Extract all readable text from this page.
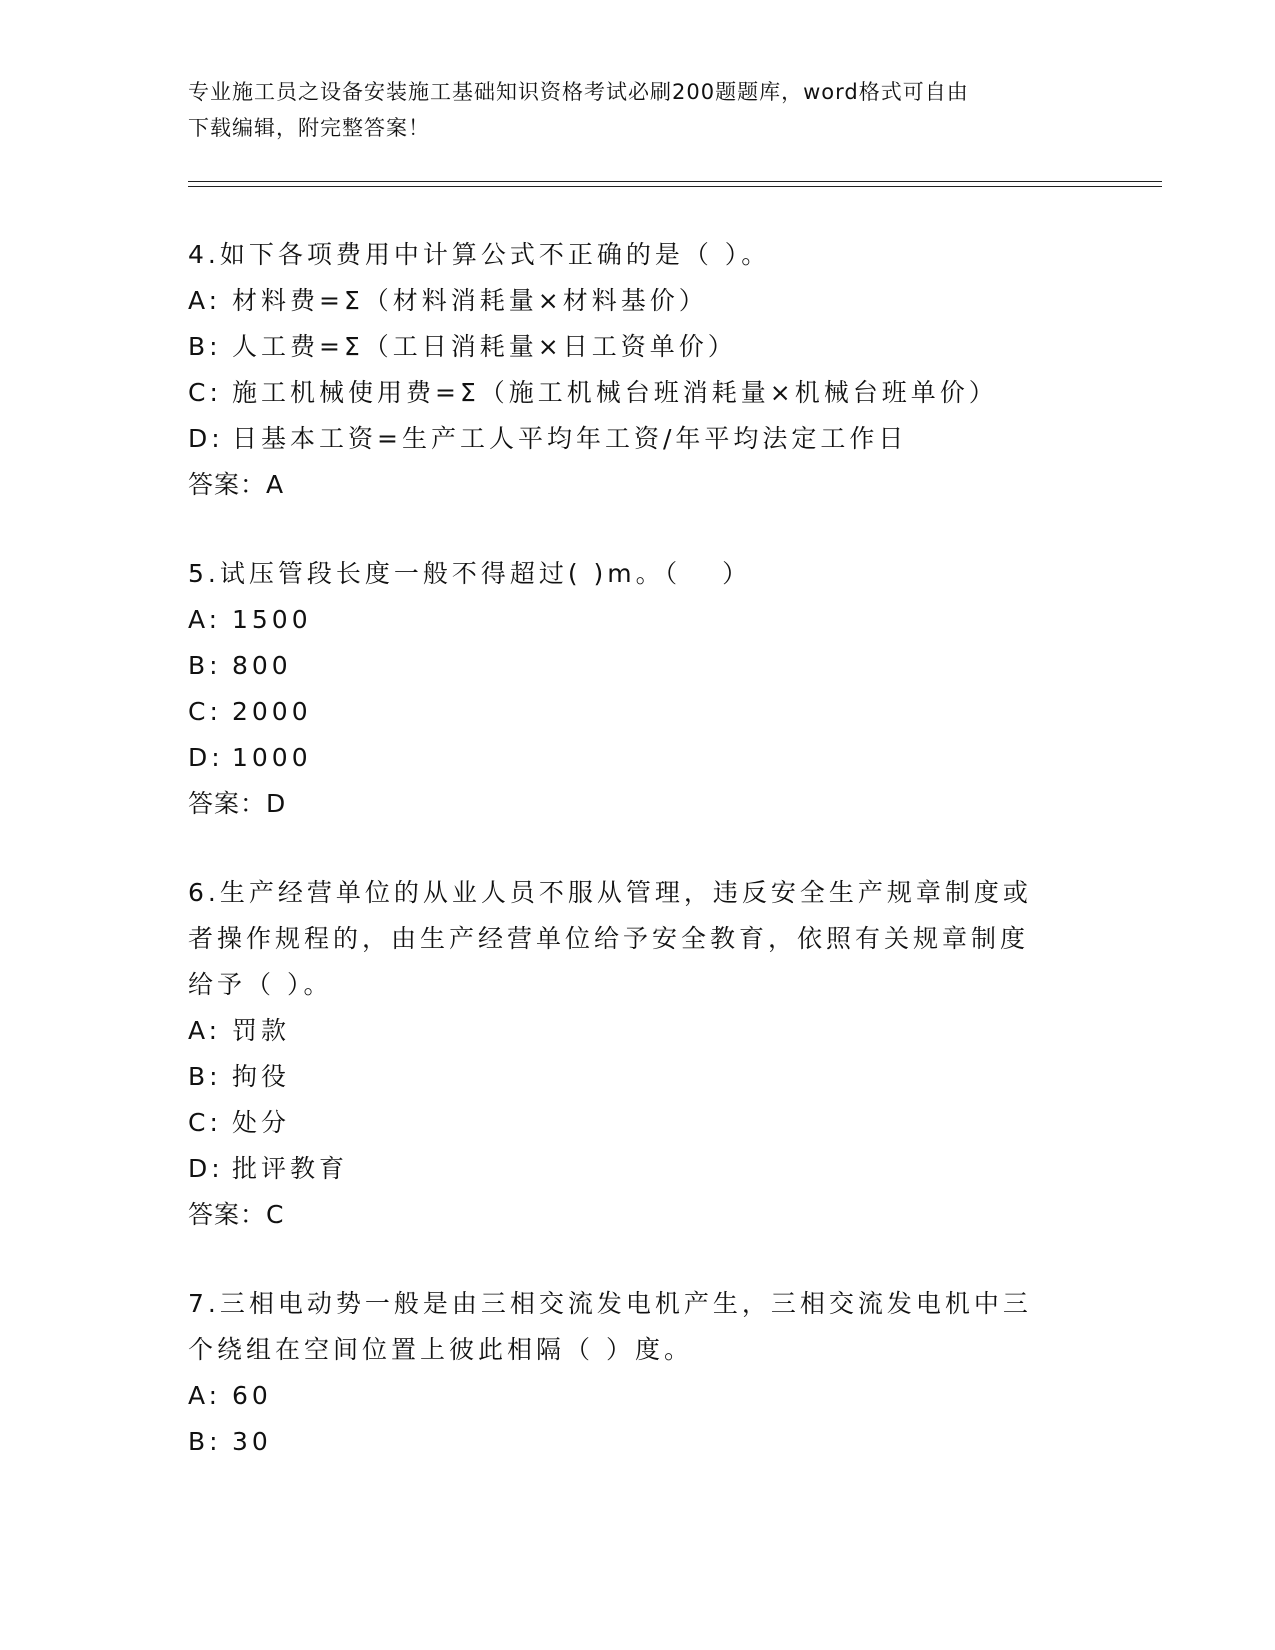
专业施工员之设备安装施工基础知识资格考试必刷200题题库，word格式可自由
下载编辑，附完整答案！
4.如下各项费用中计算公式不正确的是（ ）。
A: 材料费=Σ（材料消耗量×材料基价）
B: 人工费=Σ（工日消耗量×日工资单价）
C: 施工机械使用费=Σ（施工机械台班消耗量×机械台班单价）
D: 日基本工资=生产工人平均年工资/年平均法定工作日
答案：A
5.试压管段长度一般不得超过( )m。（　 ）
A: 1500
B: 800
C: 2000
D: 1000
答案：D
6.生产经营单位的从业人员不服从管理，违反安全生产规章制度或者操作规程的，由生产经营单位给予安全教育，依照有关规章制度给予（ ）。
A: 罚款
B: 拘役
C: 处分
D: 批评教育
答案：C
7.三相电动势一般是由三相交流发电机产生，三相交流发电机中三个绕组在空间位置上彼此相隔（ ）度。
A: 60
B: 30
